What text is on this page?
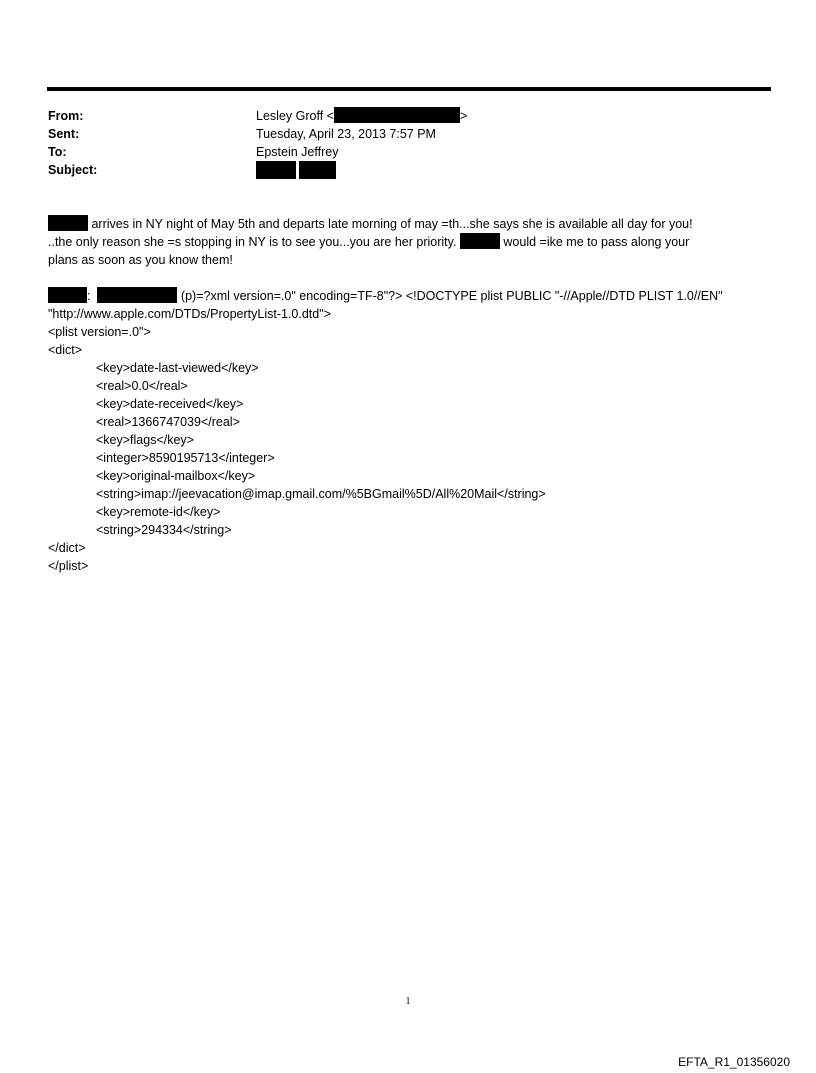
From:	Lesley Groff <	>
Sent:	Tuesday, April 23, 2013 7:57 PM
To:	Epstein Jeffrey
Subject:

arrives in NY night of May 5th and departs late morning of may =th...she says she is available all day for you!
..the only reason she =s stopping in NY is to see you...you are her priority.	would =ike me to pass along your
plans as soon as you know them!
:	(p)=?xml version=.0" encoding=TF-8"?> <!DOCTYPE plist PUBLIC "-//Apple//DTD PLIST 1.0//EN"
"http://www.apple.com/DTDs/PropertyList-1.0.dtd">
<plist version=.0">
<dict>
<key>date-last-viewed</key>
<real>0.0</real>
<key>date-received</key>
<real>1366747039</real>
<key>flags</key>
<integer>8590195713</integer>
<key>original-mailbox</key>
<string>imap://jeevacation@imap.gmail.com/%5BGmail%5D/All%20Mail</string>
<key>remote-id</key>
<string>294334</string>
</dict>
</plist>
1
EFTA_R1_01356020
